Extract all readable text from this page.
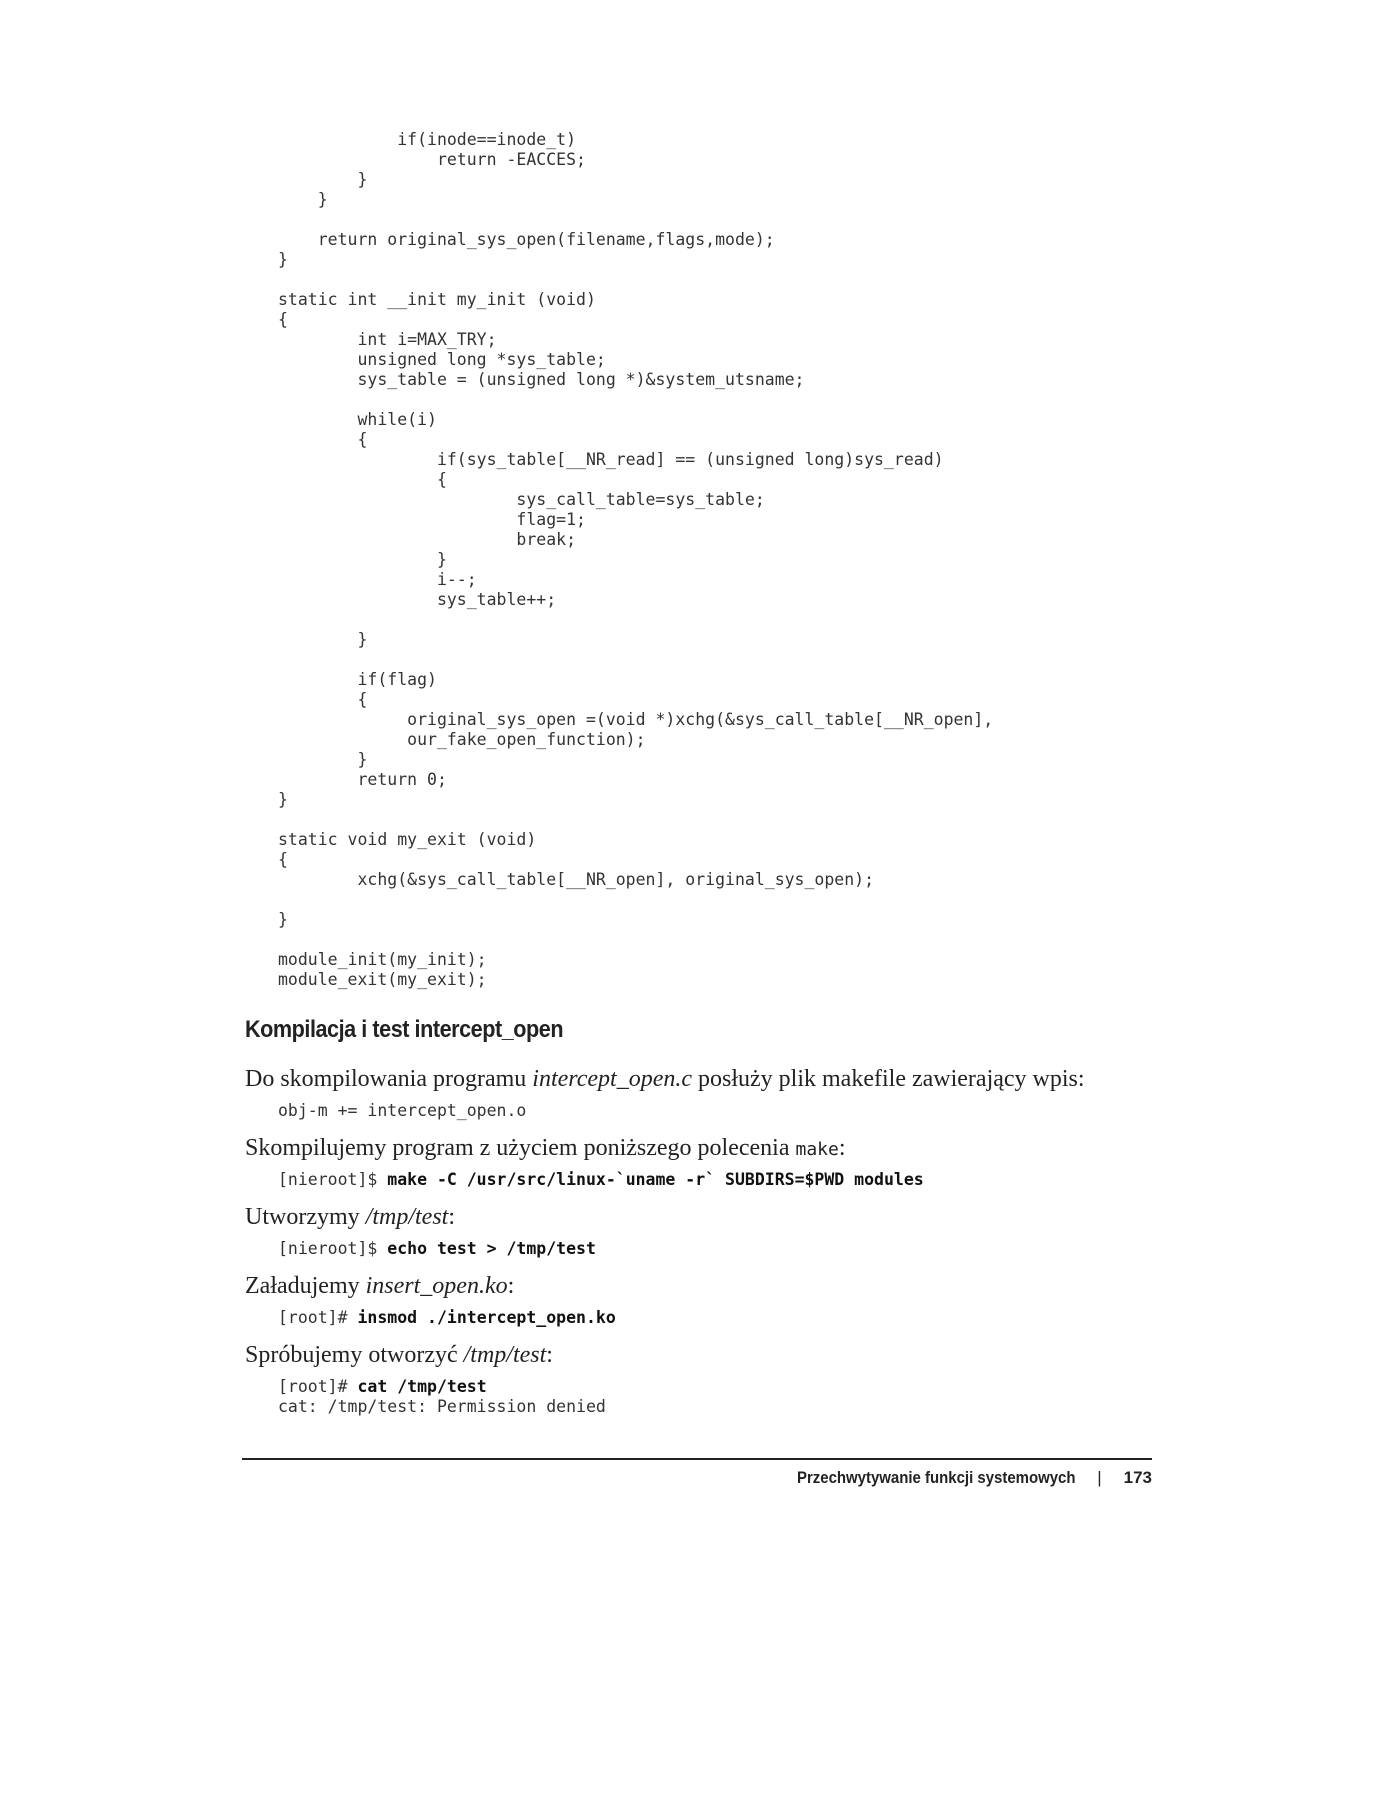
if(inode==inode_t)
return -EACCES;
}
}

return original_sys_open(filename,flags,mode);
}

static int __init my_init (void)
{
int i=MAX_TRY;
unsigned long *sys_table;
sys_table = (unsigned long *)&system_utsname;

while(i)
{
if(sys_table[__NR_read] == (unsigned long)sys_read)
{
sys_call_table=sys_table;
flag=1;
break;
}
i--;
sys_table++;

}

if(flag)
{
original_sys_open =(void *)xchg(&sys_call_table[__NR_open],
our_fake_open_function);
}
return 0;
}

static void my_exit (void)
{
xchg(&sys_call_table[__NR_open], original_sys_open);

}

module_init(my_init);
module_exit(my_exit);
Kompilacja i test intercept_open

Do skompilowania programu intercept_open.c posłuży plik makefile zawierający wpis:

obj-m += intercept_open.o

Skompilujemy program z użyciem poniższego polecenia make:

[nieroot]$ make -C /usr/src/linux-`uname -r` SUBDIRS=$PWD modules

Utworzymy /tmp/test:

[nieroot]$ echo test > /tmp/test

Załadujemy insert_open.ko:

[root]# insmod ./intercept_open.ko

Spróbujemy otworzyć /tmp/test:

[root]# cat /tmp/test
cat: /tmp/test: Permission denied
Przechwytywanie funkcji systemowych | 173
